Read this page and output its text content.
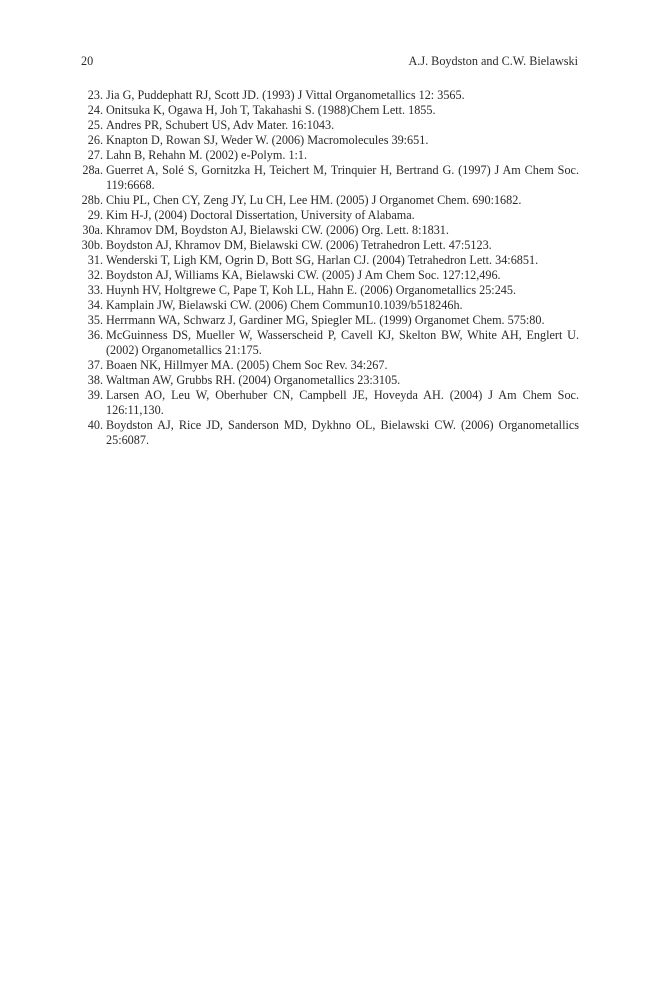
20	A.J. Boydston and C.W. Bielawski
23. Jia G, Puddephatt RJ, Scott JD. (1993) J Vittal Organometallics 12: 3565.
24. Onitsuka K, Ogawa H, Joh T, Takahashi S. (1988)Chem Lett. 1855.
25. Andres PR, Schubert US, Adv Mater. 16:1043.
26. Knapton D, Rowan SJ, Weder W. (2006) Macromolecules 39:651.
27. Lahn B, Rehahn M. (2002) e-Polym. 1:1.
28a. Guerret A, Solé S, Gornitzka H, Teichert M, Trinquier H, Bertrand G. (1997) J Am Chem Soc. 119:6668.
28b. Chiu PL, Chen CY, Zeng JY, Lu CH, Lee HM. (2005) J Organomet Chem. 690:1682.
29. Kim H-J, (2004) Doctoral Dissertation, University of Alabama.
30a. Khramov DM, Boydston AJ, Bielawski CW. (2006) Org. Lett. 8:1831.
30b. Boydston AJ, Khramov DM, Bielawski CW. (2006) Tetrahedron Lett. 47:5123.
31. Wenderski T, Ligh KM, Ogrin D, Bott SG, Harlan CJ. (2004) Tetrahedron Lett. 34:6851.
32. Boydston AJ, Williams KA, Bielawski CW. (2005) J Am Chem Soc. 127:12,496.
33. Huynh HV, Holtgrewe C, Pape T, Koh LL, Hahn E. (2006) Organometallics 25:245.
34. Kamplain JW, Bielawski CW. (2006) Chem Commun10.1039/b518246h.
35. Herrmann WA, Schwarz J, Gardiner MG, Spiegler ML. (1999) Organomet Chem. 575:80.
36. McGuinness DS, Mueller W, Wasserscheid P, Cavell KJ, Skelton BW, White AH, Englert U. (2002) Organometallics 21:175.
37. Boaen NK, Hillmyer MA. (2005) Chem Soc Rev. 34:267.
38. Waltman AW, Grubbs RH. (2004) Organometallics 23:3105.
39. Larsen AO, Leu W, Oberhuber CN, Campbell JE, Hoveyda AH. (2004) J Am Chem Soc. 126:11,130.
40. Boydston AJ, Rice JD, Sanderson MD, Dykhno OL, Bielawski CW. (2006) Organometallics 25:6087.
